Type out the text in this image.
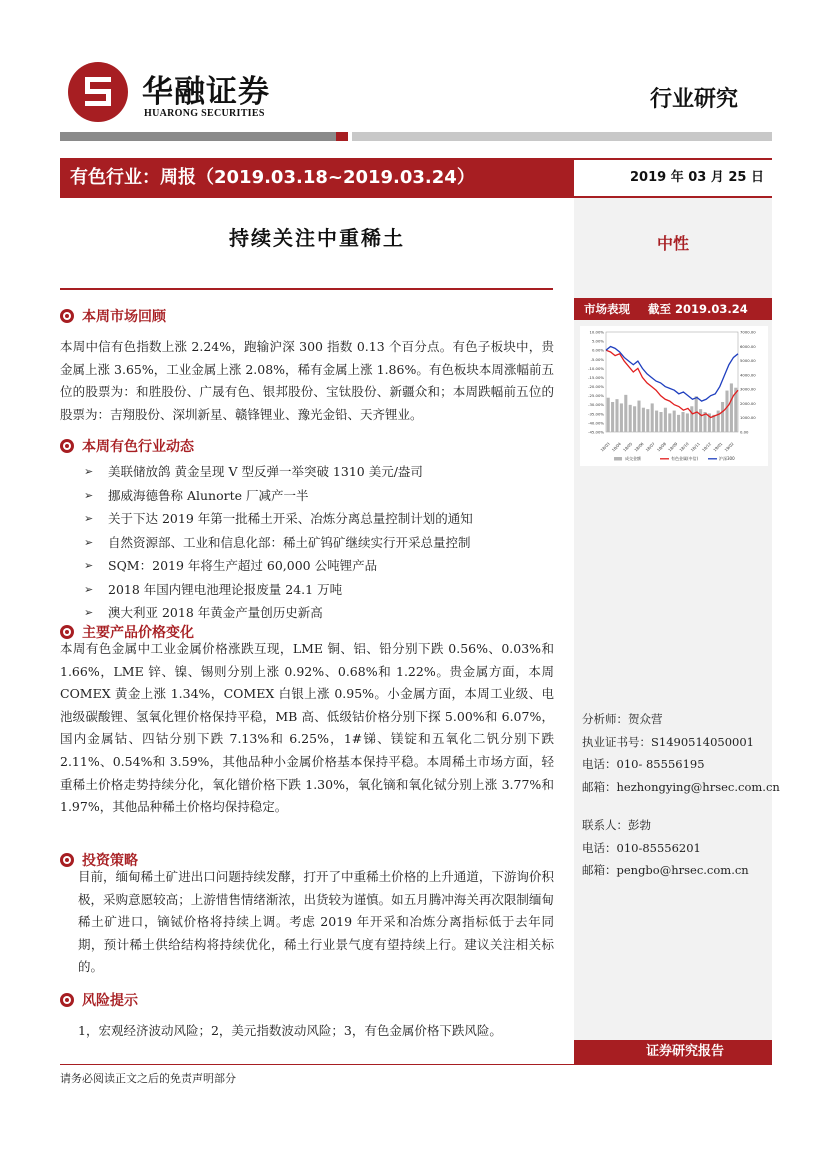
华融证券
HUARONG SECURITIES
行业研究
有色行业：周报（2019.03.18~2019.03.24）	2019 年 03 月 25 日
持续关注中重稀土	中性
本周市场回顾
本周中信有色指数上涨 2.24%，跑输沪深 300 指数 0.13 个百分点。有色子板块中，贵金属上涨 3.65%，工业金属上涨 2.08%，稀有金属上涨 1.86%。有色板块本周涨幅前五位的股票为：和胜股份、广晟有色、银邦股份、宝钛股份、新疆众和；本周跌幅前五位的股票为：吉翔股份、深圳新星、赣锋锂业、豫光金铅、天齐锂业。
本周有色行业动态
➢	美联储放鸽 黄金呈现 V 型反弹一举突破 1310 美元/盎司
➢	挪威海德鲁称 Alunorte 厂减产一半
➢	关于下达 2019 年第一批稀土开采、冶炼分离总量控制计划的通知
➢	自然资源部、工业和信息化部：稀土矿钨矿继续实行开采总量控制
➢	SQM：2019 年将生产超过 60,000 公吨锂产品
➢	2018 年国内锂电池理论报废量 24.1 万吨
➢	澳大利亚 2018 年黄金产量创历史新高
主要产品价格变化
本周有色金属中工业金属价格涨跌互现，LME 铜、铝、铅分别下跌 0.56%、0.03%和 1.66%，LME 锌、镍、锡则分别上涨 0.92%、0.68%和 1.22%。贵金属方面，本周 COMEX 黄金上涨 1.34%，COMEX 白银上涨 0.95%。小金属方面，本周工业级、电池级碳酸锂、氢氧化锂价格保持平稳，MB 高、低级钴价格分别下探 5.00%和 6.07%，国内金属钴、四钴分别下跌 7.13%和 6.25%，1#锑、镁锭和五氧化二钒分别下跌 2.11%、0.54%和 3.59%，其他品种小金属价格基本保持平稳。本周稀土市场方面，轻重稀土价格走势持续分化，氧化镨价格下跌 1.30%，氧化镝和氧化铽分别上涨 3.77%和 1.97%，其他品种稀土价格均保持稳定。
投资策略
目前，缅甸稀土矿进出口问题持续发酵，打开了中重稀土价格的上升通道，下游询价积极，采购意愿较高；上游惜售情绪渐浓，出货较为谨慎。如五月腾冲海关再次限制缅甸稀土矿进口，镝铽价格将持续上调。考虑 2019 年开采和冶炼分离指标低于去年同期，预计稀土供给结构将持续优化，稀土行业景气度有望持续上行。建议关注相关标的。
风险提示
1，宏观经济波动风险；2，美元指数波动风险；3，有色金属价格下跌风险。
市场表现 截至 2019.03.24
10.00%
5.00%
0.00%
-5.00%
-10.00%
-15.00%
-20.00%
-25.00%
-30.00%
-35.00%
-40.00%
-45.00%
7000.00
6000.00
5000.00
4000.00
3000.00
2000.00
1000.00
0.00
18/03 18/04 18/05 18/06 18/07 18/08 18/09 18/10 18/11 18/12 19/01 19/02
成交金额	有色金属(中信)	沪深300
分析师：贺众营
执业证书号：S1490514050001
电话：010- 85556195
邮箱：hezhongying@hrsec.com.cn
联系人：彭勃
电话：010-85556201
邮箱：pengbo@hrsec.com.cn
证券研究报告
请务必阅读正文之后的免责声明部分
